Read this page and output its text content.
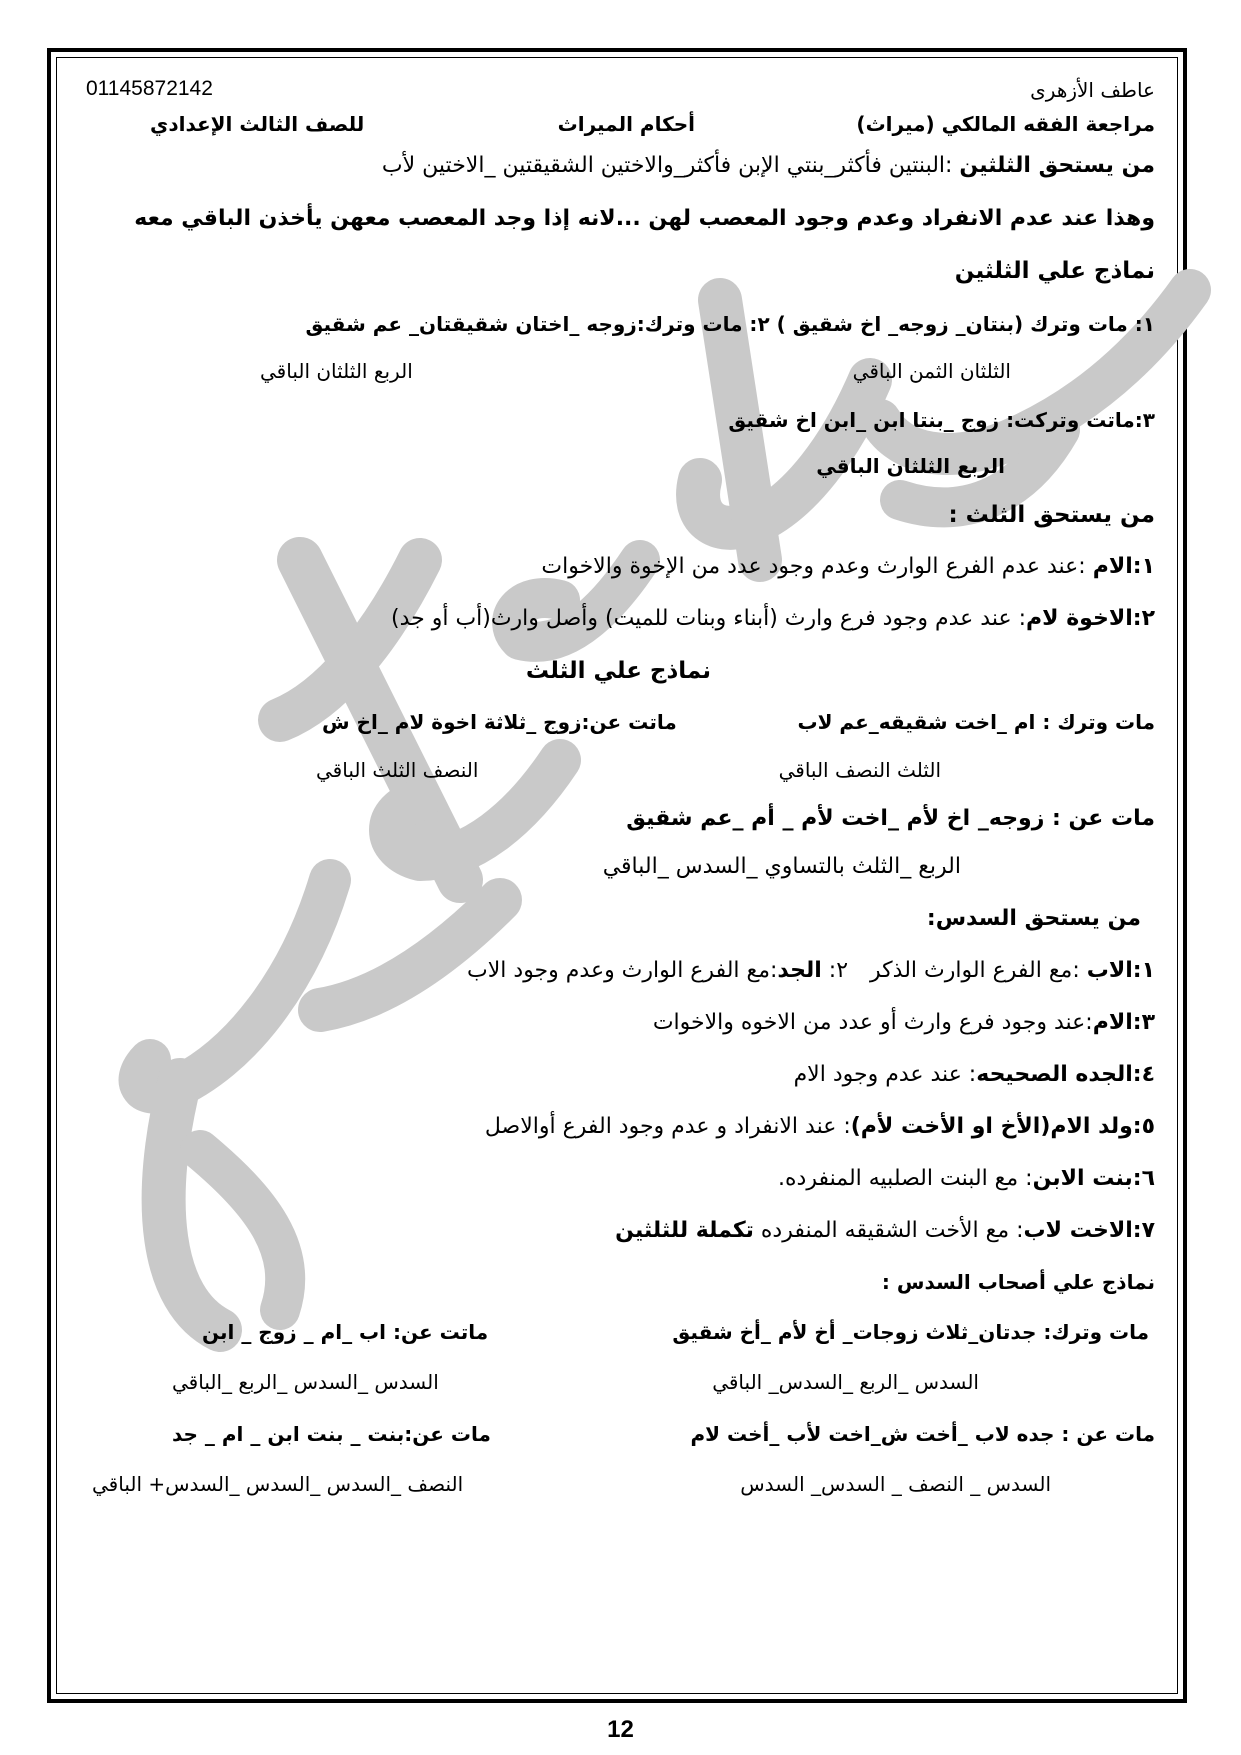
عاطف الأزهرى
01145872142
مراجعة الفقه المالكي (ميراث)
أحكام الميراث
للصف الثالث الإعدادي
من يستحق الثلثين :البنتين فأكثر_بنتي الإبن فأكثر_والاختين الشقيقتين _الاختين لأب
وهذا عند عدم الانفراد وعدم وجود المعصب لهن ...لانه إذا وجد المعصب معهن يأخذن الباقي معه
نماذج علي الثلثين
١: مات وترك (بنتان_ زوجه_ اخ شقيق ) ٢: مات وترك:زوجه _اختان شقيقتان_ عم شقيق
الثلثان الثمن الباقي
الربع الثلثان الباقي
٣:ماتت وتركت: زوج _بنتا ابن _ابن اخ شقيق
الربع الثلثان الباقي
من يستحق الثلث :
١:الام :عند عدم الفرع الوارث وعدم وجود عدد من الإخوة والاخوات
٢:الاخوة لام: عند عدم وجود فرع وارث (أبناء وبنات للميت) وأصل وارث(أب أو جد)
نماذج علي الثلث
مات وترك : ام _اخت شقيقه_عم لاب
ماتت عن:زوج _ثلاثة اخوة لام _اخ ش
الثلث النصف الباقي
النصف الثلث الباقي
مات عن : زوجه_ اخ لأم _اخت لأم _ أم _عم شقيق
الربع _الثلث بالتساوي _السدس _الباقي
من يستحق السدس:
١:الاب :مع الفرع الوارث الذكر٢: الجد:مع الفرع الوارث وعدم وجود الاب
٣:الام:عند وجود فرع وارث أو عدد من الاخوه والاخوات
٤:الجده الصحيحه: عند عدم وجود الام
٥:ولد الام(الأخ او الأخت لأم): عند الانفراد و عدم وجود الفرع أوالاصل
٦:بنت الابن: مع البنت الصلبيه المنفرده.
٧:الاخت لاب: مع الأخت الشقيقه المنفرده تكملة للثلثين
نماذج علي أصحاب السدس :
مات وترك: جدتان_ثلاث زوجات_ أخ لأم _أخ شقيق
ماتت عن: اب _ام _ زوج _ ابن
السدس _الربع _السدس_ الباقي
السدس _السدس _الربع _الباقي
مات عن : جده لاب _أخت ش_اخت لأب _أخت لام
مات عن:بنت _ بنت ابن _ ام _ جد
السدس _ النصف _ السدس_ السدس
النصف _السدس _السدس _السدس+ الباقي
12
